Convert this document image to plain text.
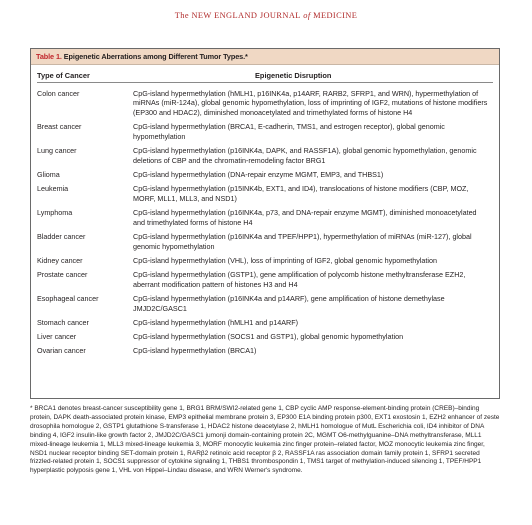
The NEW ENGLAND JOURNAL of MEDICINE
Table 1. Epigenetic Aberrations among Different Tumor Types.*
Type of Cancer	Epigenetic Disruption
Colon cancer	CpG-island hypermethylation (hMLH1, p16INK4a, p14ARF, RARB2, SFRP1, and WRN), hypermethylation of miRNAs (miR-124a), global genomic hypomethylation, loss of imprinting of IGF2, mutations of histone modifiers (EP300 and HDAC2), diminished monoacetylated and trimethylated forms of histone H4
Breast cancer	CpG-island hypermethylation (BRCA1, E-cadherin, TMS1, and estrogen receptor), global genomic hypomethylation
Lung cancer	CpG-island hypermethylation (p16INK4a, DAPK, and RASSF1A), global genomic hypomethylation, genomic deletions of CBP and the chromatin-remodeling factor BRG1
Glioma	CpG-island hypermethylation (DNA-repair enzyme MGMT, EMP3, and THBS1)
Leukemia	CpG-island hypermethylation (p15INK4b, EXT1, and ID4), translocations of histone modifiers (CBP, MOZ, MORF, MLL1, MLL3, and NSD1)
Lymphoma	CpG-island hypermethylation (p16INK4a, p73, and DNA-repair enzyme MGMT), diminished monoacetylated and trimethylated forms of histone H4
Bladder cancer	CpG-island hypermethylation (p16INK4a and TPEF/HPP1), hypermethylation of miRNAs (miR-127), global genomic hypomethylation
Kidney cancer	CpG-island hypermethylation (VHL), loss of imprinting of IGF2, global genomic hypomethylation
Prostate cancer	CpG-island hypermethylation (GSTP1), gene amplification of polycomb histone methyltransferase EZH2, aberrant modification pattern of histones H3 and H4
Esophageal cancer	CpG-island hypermethylation (p16INK4a and p14ARF), gene amplification of histone demethylase JMJD2C/GASC1
Stomach cancer	CpG-island hypermethylation (hMLH1 and p14ARF)
Liver cancer	CpG-island hypermethylation (SOCS1 and GSTP1), global genomic hypomethylation
Ovarian cancer	CpG-island hypermethylation (BRCA1)
* BRCA1 denotes breast-cancer susceptibility gene 1, BRG1 BRM/SWI2-related gene 1, CBP cyclic AMP response-element-binding protein (CREB)–binding protein, DAPK death-associated protein kinase, EMP3 epithelial membrane protein 3, EP300 E1A binding protein p300, EXT1 exostosin 1, EZH2 enhancer of zeste drosophila homologue 2, GSTP1 glutathione S-transferase 1, HDAC2 histone deacetylase 2, hMLH1 homologue of MutL Escherichia coli, ID4 inhibitor of DNA binding 4, IGF2 insulin-like growth factor 2, JMJD2C/GASC1 jumonji domain-containing protein 2C, MGMT O6-methylguanine–DNA methyltransferase, MLL1 mixed-lineage leukemia 1, MLL3 mixed-lineage leukemia 3, MORF monocytic leukemia zinc finger protein–related factor, MOZ monocytic leukemia zinc finger, NSD1 nuclear receptor binding SET-domain protein 1, RARβ2 retinoic acid receptor β 2, RASSF1A ras association domain family protein 1, SFRP1 secreted frizzled-related protein 1, SOCS1 suppressor of cytokine signaling 1, THBS1 thrombospondin 1, TMS1 target of methylation-induced silencing 1, TPEF/HPP1 hyperplastic polyposis gene 1, VHL von Hippel–Lindau disease, and WRN Werner's syndrome.
